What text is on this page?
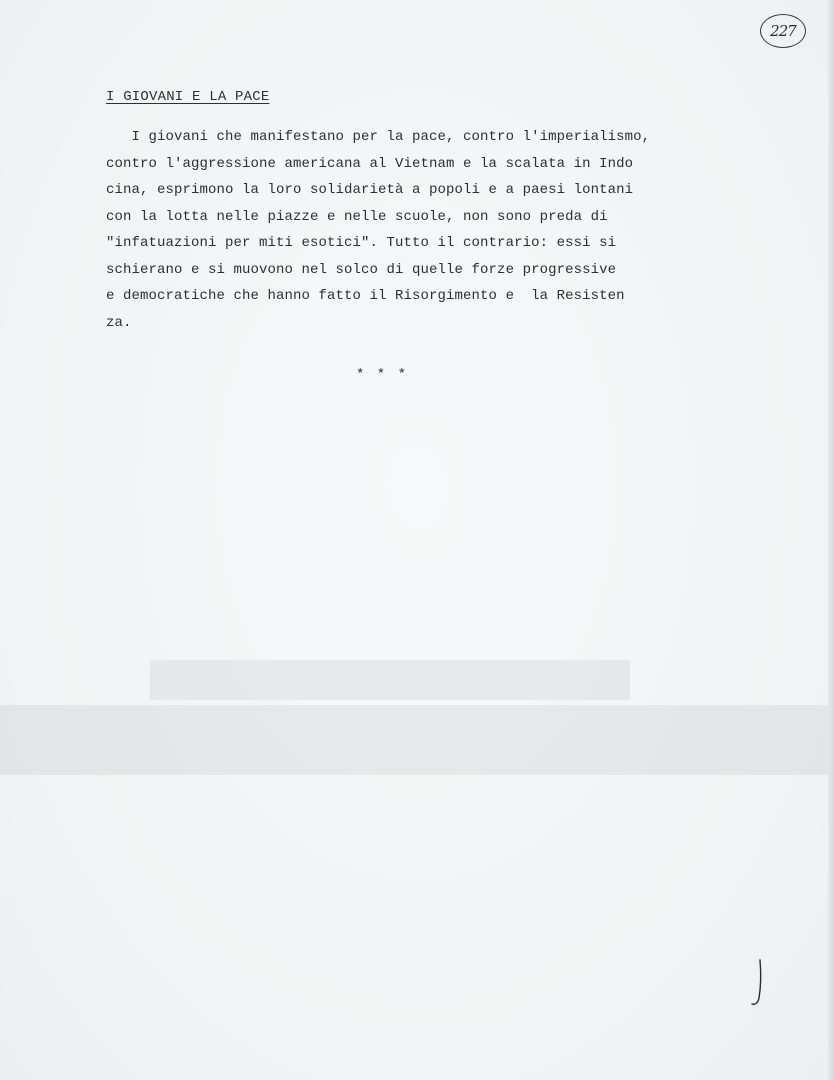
227
I GIOVANI E LA PACE
I giovani che manifestano per la pace, contro l'imperialismo,
contro l'aggressione americana al Vietnam e la scalata in Indo
cina, esprimono la loro solidarietà a popoli e a paesi lontani
con la lotta nelle piazze e nelle scuole, non sono preda di
"infatuazioni per miti esotici". Tutto il contrario: essi si
schierano e si muovono nel solco di quelle forze progressive
e democratiche che hanno fatto il Risorgimento e  la Resisten
za.
* * *
